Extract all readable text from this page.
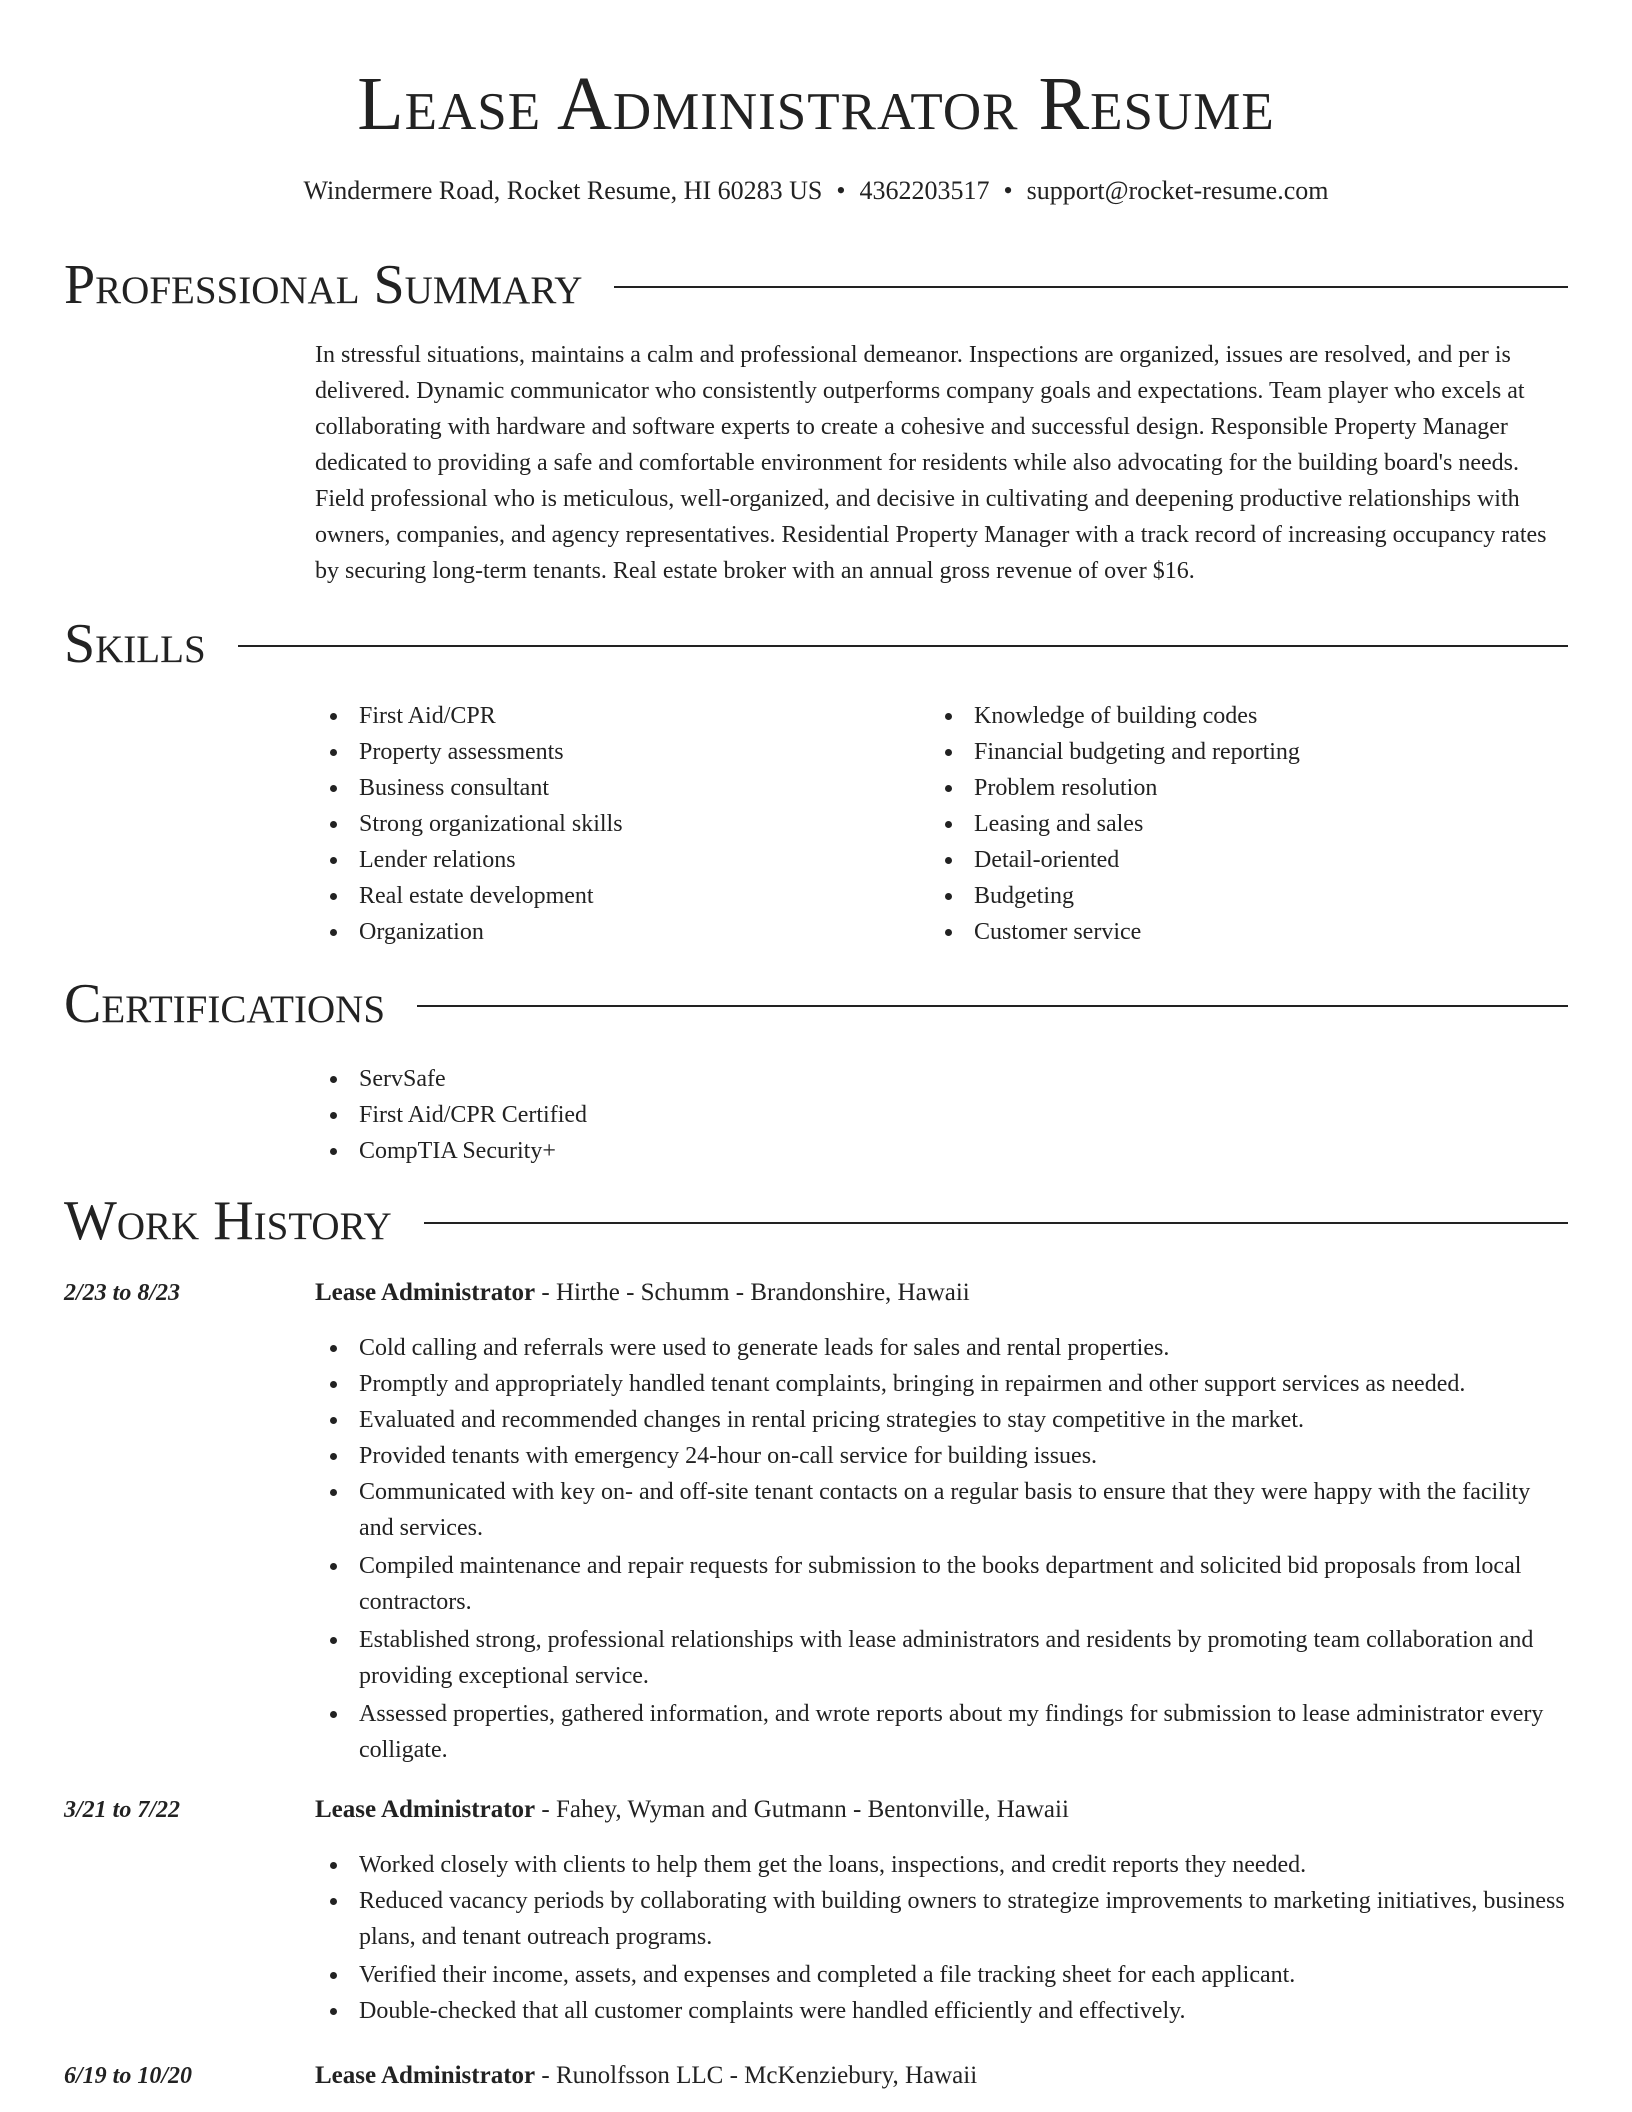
Lease Administrator Resume
Windermere Road, Rocket Resume, HI 60283 US • 4362203517 • support@rocket-resume.com
Professional Summary

In stressful situations, maintains a calm and professional demeanor. Inspections are organized, issues are resolved, and per is delivered. Dynamic communicator who consistently outperforms company goals and expectations. Team player who excels at collaborating with hardware and software experts to create a cohesive and successful design. Responsible Property Manager dedicated to providing a safe and comfortable environment for residents while also advocating for the building board's needs. Field professional who is meticulous, well-organized, and decisive in cultivating and deepening productive relationships with owners, companies, and agency representatives. Residential Property Manager with a track record of increasing occupancy rates by securing long-term tenants. Real estate broker with an annual gross revenue of over $16.

Skills
First Aid/CPR
Property assessments
Business consultant
Strong organizational skills
Lender relations
Real estate development
Organization
Knowledge of building codes
Financial budgeting and reporting
Problem resolution
Leasing and sales
Detail-oriented
Budgeting
Customer service
Certifications
ServSafe
First Aid/CPR Certified
CompTIA Security+
Work History
2/23 to 8/23	Lease Administrator - Hirthe - Schumm - Brandonshire, Hawaii
Cold calling and referrals were used to generate leads for sales and rental properties.
Promptly and appropriately handled tenant complaints, bringing in repairmen and other support services as needed.
Evaluated and recommended changes in rental pricing strategies to stay competitive in the market.
Provided tenants with emergency 24-hour on-call service for building issues.
Communicated with key on- and off-site tenant contacts on a regular basis to ensure that they were happy with the facility and services.
Compiled maintenance and repair requests for submission to the books department and solicited bid proposals from local contractors.
Established strong, professional relationships with lease administrators and residents by promoting team collaboration and providing exceptional service.
Assessed properties, gathered information, and wrote reports about my findings for submission to lease administrator every colligate.
3/21 to 7/22	Lease Administrator - Fahey, Wyman and Gutmann - Bentonville, Hawaii
Worked closely with clients to help them get the loans, inspections, and credit reports they needed.
Reduced vacancy periods by collaborating with building owners to strategize improvements to marketing initiatives, business plans, and tenant outreach programs.
Verified their income, assets, and expenses and completed a file tracking sheet for each applicant.
Double-checked that all customer complaints were handled efficiently and effectively.
6/19 to 10/20	Lease Administrator - Runolfsson LLC - McKenziebury, Hawaii
